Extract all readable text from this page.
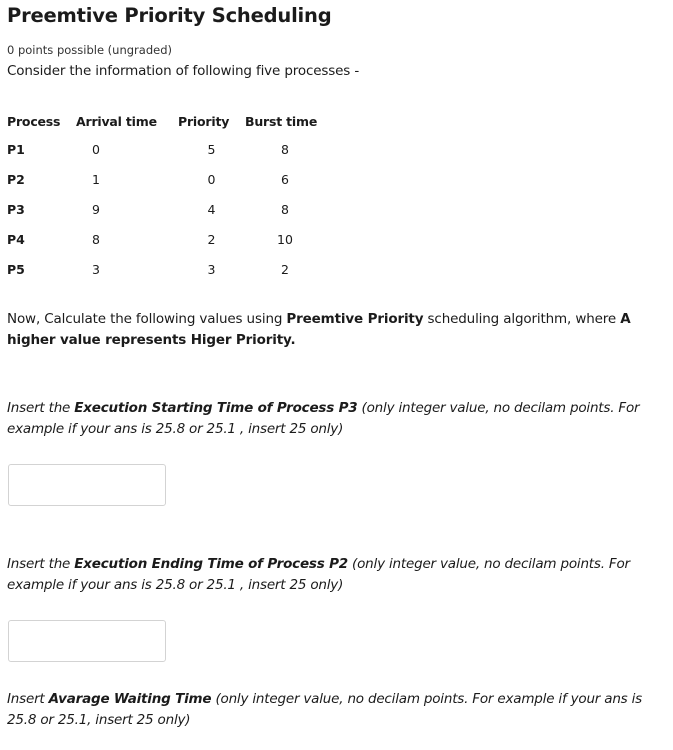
Preemtive Priority Scheduling
0 points possible (ungraded)
Consider the information of following five processes -
Process	Arrival time	Priority	Burst time
P1	0	5	8
P2	1	0	6
P3	9	4	8
P4	8	2	10
P5	3	3	2
Now, Calculate the following values using Preemtive Priority scheduling algorithm, where A higher value represents Higer Priority.
Insert the Execution Starting Time of Process P3 (only integer value, no decilam points. For example if your ans is 25.8 or 25.1 , insert 25 only)
Insert the Execution Ending Time of Process P2 (only integer value, no decilam points. For example if your ans is 25.8 or 25.1 , insert 25 only)
Insert Avarage Waiting Time (only integer value, no decilam points. For example if your ans is 25.8 or 25.1, insert 25 only)
